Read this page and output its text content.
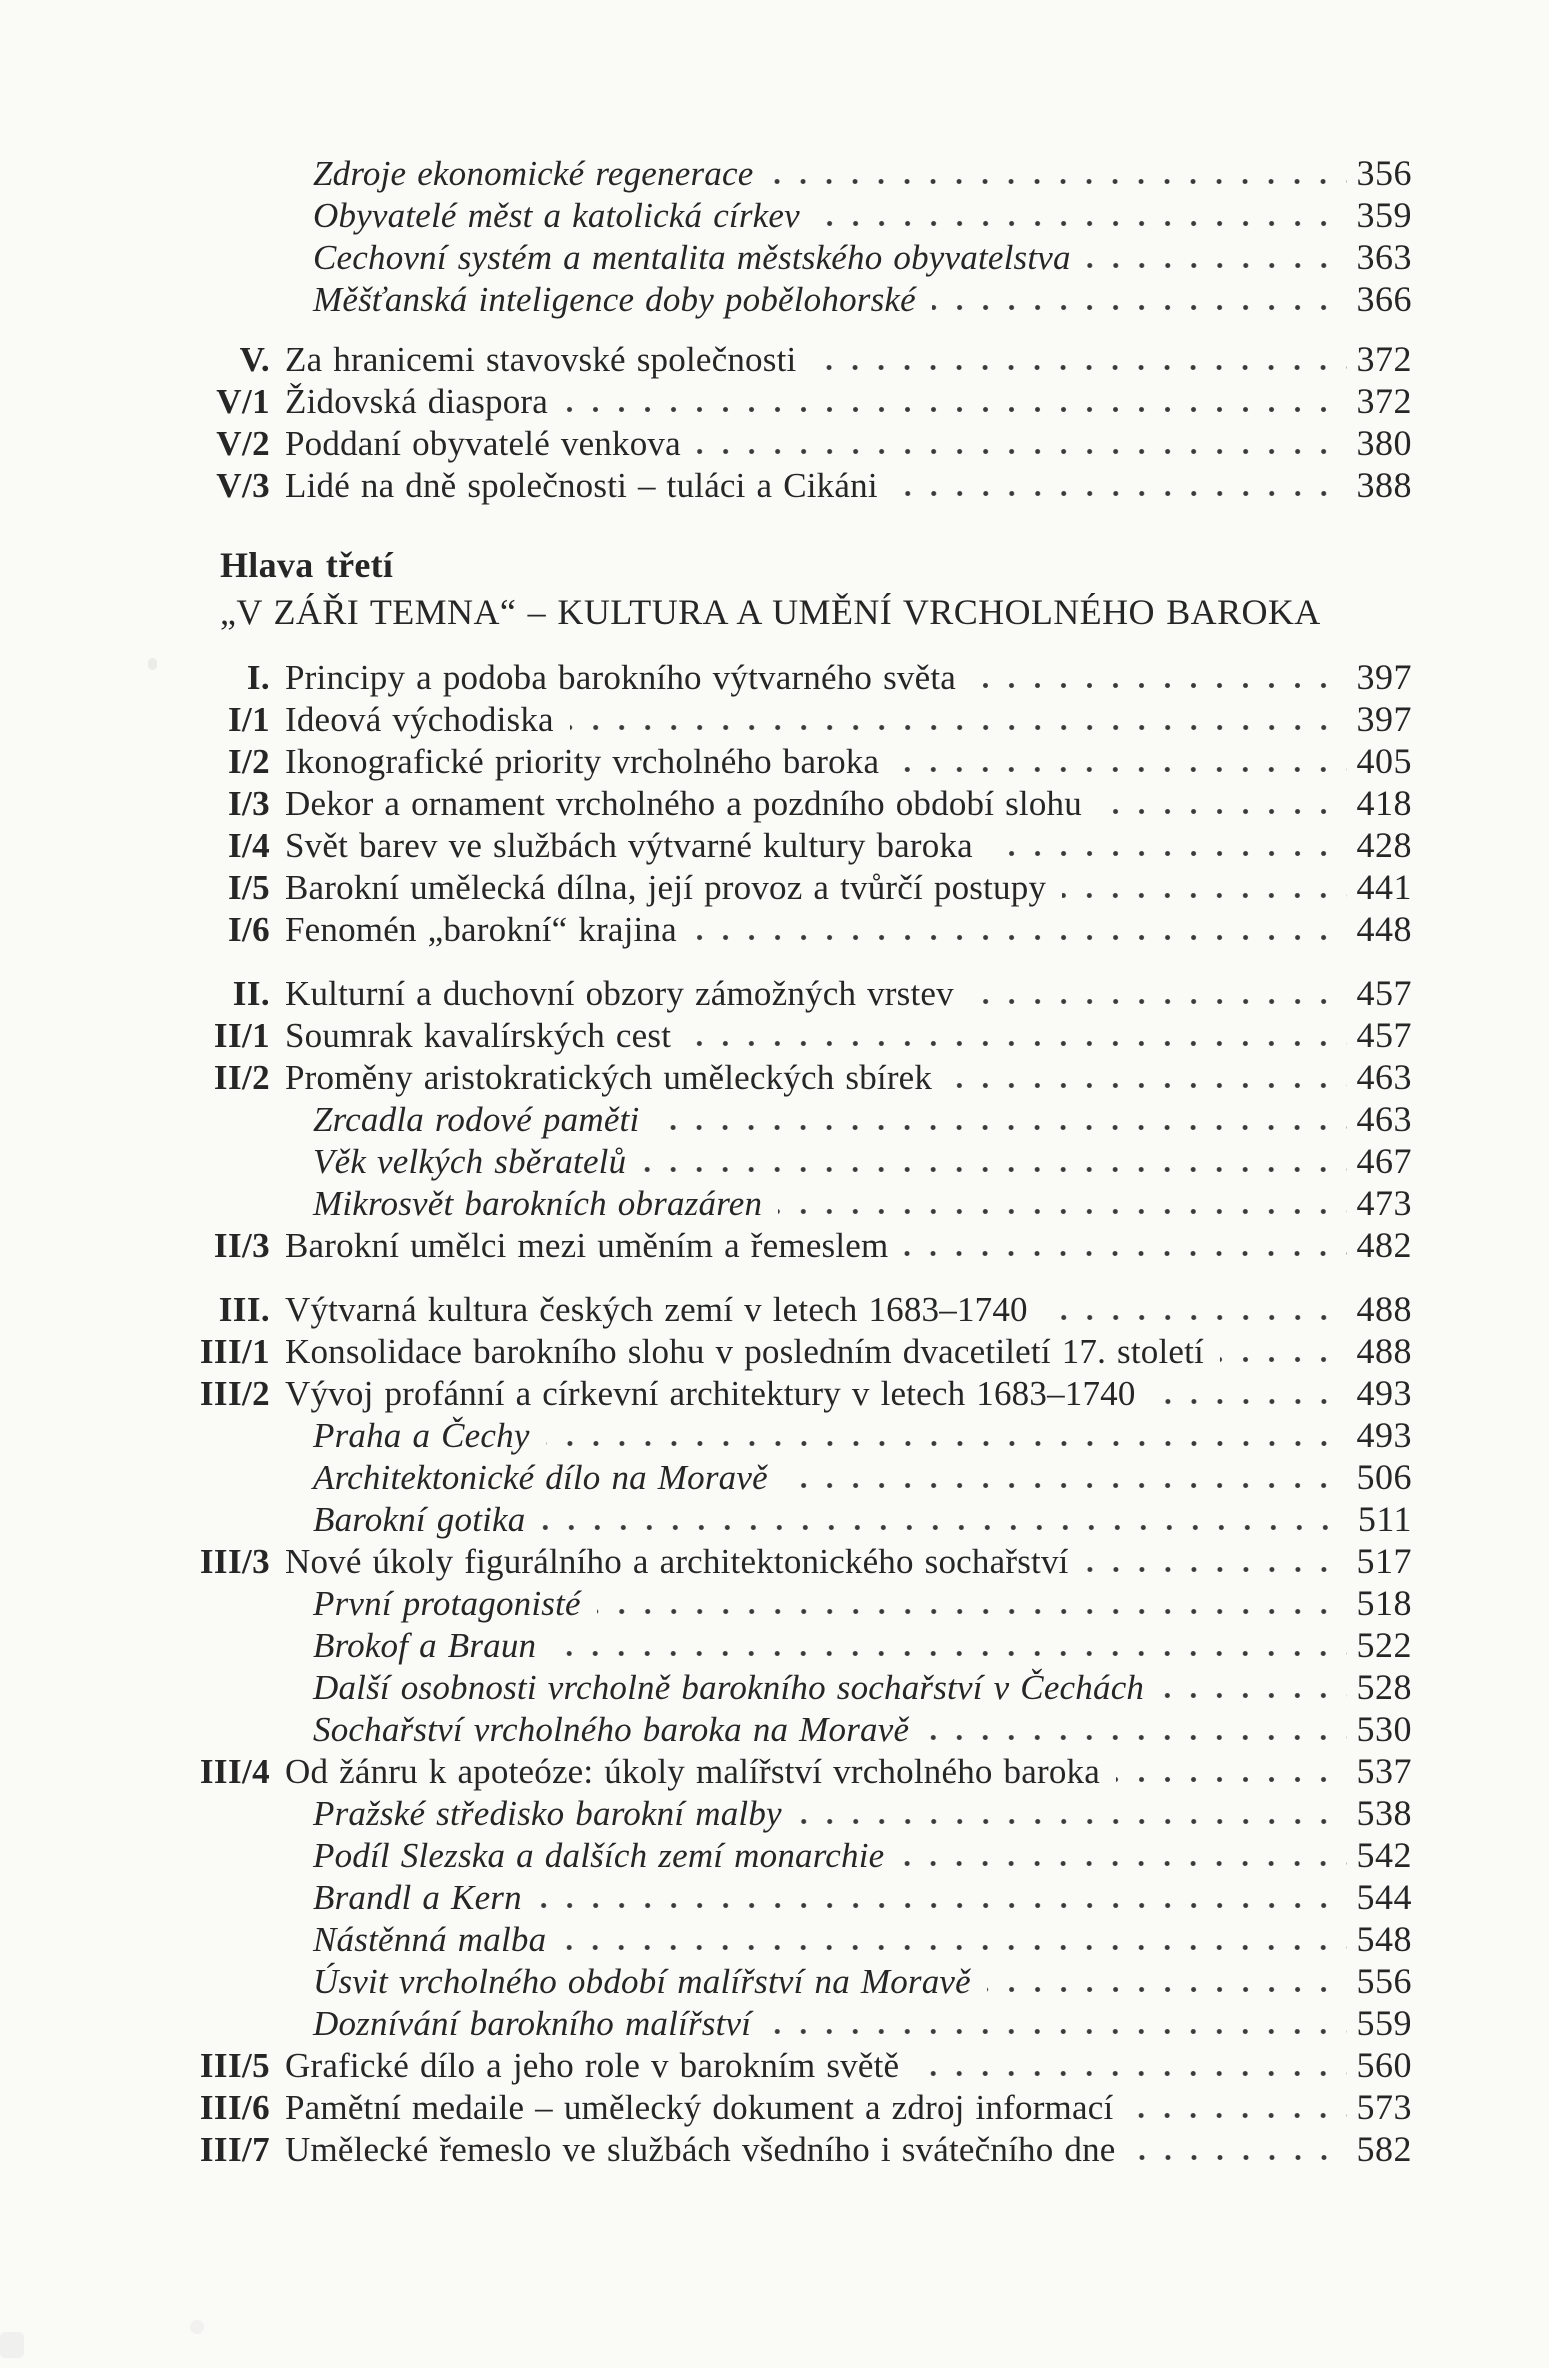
Zdroje ekonomické regenerace	356
Obyvatelé měst a katolická církev	359
Cechovní systém a mentalita městského obyvatelstva	363
Měšťanská inteligence doby pobělohorské	366
V. Za hranicemi stavovské společnosti	372
V/1 Židovská diaspora	372
V/2 Poddaní obyvatelé venkova	380
V/3 Lidé na dně společnosti – tuláci a Cikáni	388
Hlava třetí
„V ZÁŘI TEMNA“ – KULTURA A UMĚNÍ VRCHOLNÉHO BAROKA
I. Principy a podoba barokního výtvarného světa	397
I/1 Ideová východiska	397
I/2 Ikonografické priority vrcholného baroka	405
I/3 Dekor a ornament vrcholného a pozdního období slohu	418
I/4 Svět barev ve službách výtvarné kultury baroka	428
I/5 Barokní umělecká dílna, její provoz a tvůrčí postupy	441
I/6 Fenomén „barokní“ krajina	448
II. Kulturní a duchovní obzory zámožných vrstev	457
II/1 Soumrak kavalírských cest	457
II/2 Proměny aristokratických uměleckých sbírek	463
Zrcadla rodové paměti	463
Věk velkých sběratelů	467
Mikrosvět barokních obrazáren	473
II/3 Barokní umělci mezi uměním a řemeslem	482
III. Výtvarná kultura českých zemí v letech 1683–1740	488
III/1 Konsolidace barokního slohu v posledním dvacetiletí 17. století	488
III/2 Vývoj profánní a církevní architektury v letech 1683–1740	493
Praha a Čechy	493
Architektonické dílo na Moravě	506
Barokní gotika	511
III/3 Nové úkoly figurálního a architektonického sochařství	517
První protagonisté	518
Brokof a Braun	522
Další osobnosti vrcholně barokního sochařství v Čechách	528
Sochařství vrcholného baroka na Moravě	530
III/4 Od žánru k apoteóze: úkoly malířství vrcholného baroka	537
Pražské středisko barokní malby	538
Podíl Slezska a dalších zemí monarchie	542
Brandl a Kern	544
Nástěnná malba	548
Úsvit vrcholného období malířství na Moravě	556
Doznívání barokního malířství	559
III/5 Grafické dílo a jeho role v barokním světě	560
III/6 Pamětní medaile – umělecký dokument a zdroj informací	573
III/7 Umělecké řemeslo ve službách všedního i svátečního dne	582
